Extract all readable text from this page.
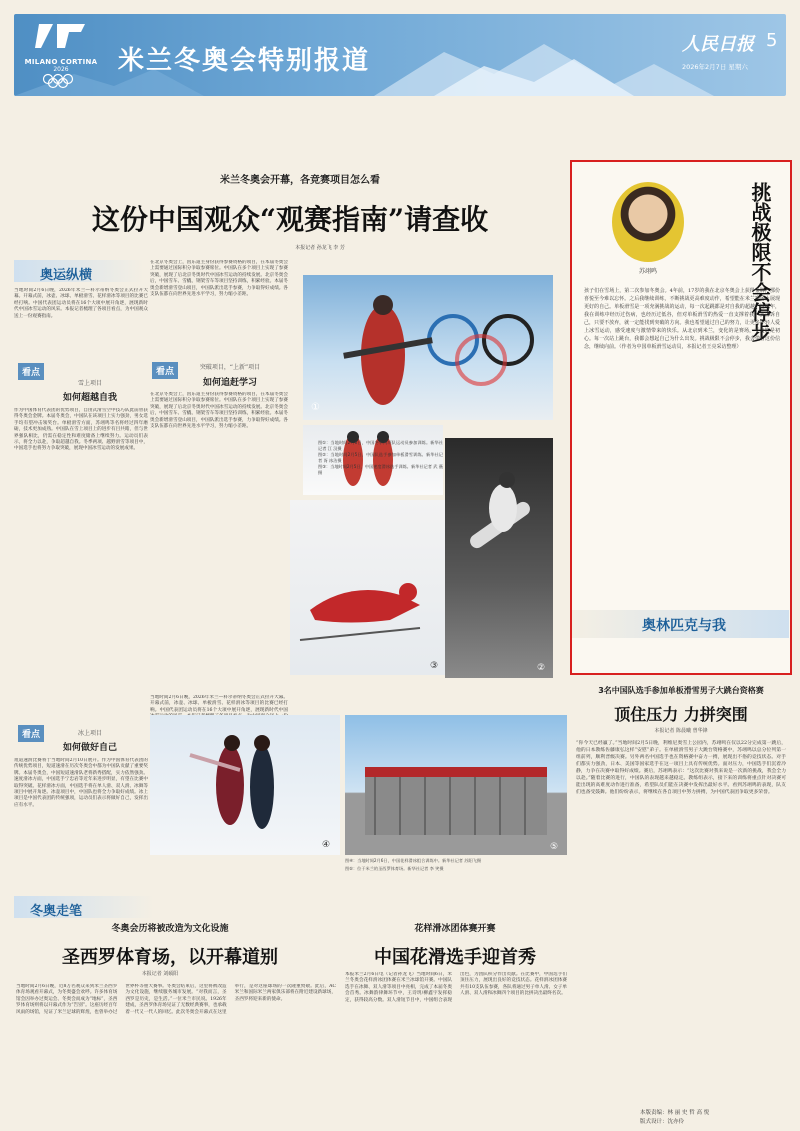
MILANO CORTINA
2026	米兰冬奥会特别报道
人民日报 5
2026年2月7日 星期六
米兰冬奥会开幕，各竞赛项目怎么看
这份中国观众“观赛指南”请查收
本报记者 孙龙飞 李 芳
奥运纵横
当地时间2月6日晚，2026年米兰—科尔蒂纳冬奥会正式拉开大幕。开幕式前，冰壶、冰球、单板滑雪、花样滑冰等项目的比赛已经打响。中国代表团运动员将在16个大项中展开角逐，展现新时代中国冰雪运动的风采。本报记者梳理了各项目看点，为中国观众送上一份观赛指南。
看点
雪上项目
如何超越自我
作为中国体育代表团的优势项目，自由式滑雪空中技巧队此前曾获得冬奥会金牌。本届冬奥会，中国队在该项目上实力强劲，男女选手均有望冲击领奖台。单板滑雪方面，苏翊鸣等名将经过四年磨砺，技术更加成熟。中国队在雪上项目上的进步有目共睹，但与世界强队相比，仍需在稳定性和难度储备上继续努力。运动员们表示，将全力以赴，争取超越自我。冬季两项、越野滑雪等项目中，中国选手也将努力争取突破，展现中国冰雪运动的发展成果。
在北京冬奥会上，因东道主身份获得参赛资格的项目，在本届冬奥会上需要通过国际积分争取参赛席位。中国队在多个项目上实现了参赛突破，展现了后北京冬奥时代中国冰雪运动的持续发展。北京冬奥会后，中国雪车、雪橇、钢架雪车等项目坚持训练，积累经验。本届冬奥会新增滑雪登山项目，中国队派出选手参赛，力争取得好成绩。各支队伍都在向世界先进水平学习，努力缩小差距。
看点	突破项目，“上新”项目
如何追赶学习
在北京冬奥会上，因东道主身份获得参赛资格的项目，在本届冬奥会上需要通过国际积分争取参赛席位。中国队在多个项目上实现了参赛突破，展现了后北京冬奥时代中国冰雪运动的持续发展。北京冬奥会后，中国雪车、雪橇、钢架雪车等项目坚持训练，积累经验。本届冬奥会新增滑雪登山项目，中国队派出选手参赛，力争取得好成绩。各支队伍都在向世界先进水平学习，努力缩小差距。
①
②
③
当地时间2月6日晚，2026年米兰—科尔蒂纳冬奥会正式拉开大幕。开幕式前，冰壶、冰球、单板滑雪、花样滑冰等项目的比赛已经打响。中国代表团运动员将在16个大项中展开角逐，展现新时代中国
图①：当地时间2月6日，中国冬季两项队运动员参加训练。新华社记者 江 汉摄
图②：当地时间2月5日，中国队选手参加单板滑雪训练。新华社记者 胥 冰洁摄
图③：当地时间2月5日，中国速度滑冰选手训练。新华社记者 武 薇摄
看点	冰上项目
如何做好自己
短道速滑比赛将于当地时间2月10日展开。作为中国体育代表团的传统优势项目，短道速滑在历次冬奥会中都为中国队贡献了重要奖牌。本届冬奥会，中国短道速滑队老将新秀搭配，实力依然强劲。速度滑冰方面，中国选手宁忠岩等近年来进步明显，有望在比赛中取得突破。花样滑冰方面，中国选手将在单人滑、双人滑、冰舞等项目中展开角逐。冰壶项目中，中国队也将全力争取好成绩。冰上项目是中国代表团的传统强项，运动员们表示将做好自己，发挥出应有水平。
④	⑤
图④：当地时间2月6日，中国花样滑冰组合训练中。新华社记者 苏阳飞摄
图⑤：位于米兰的圣西罗体育场。新华社记者 李 笑摄
苏翊鸣	挑战极限不会停步
孩子们在雪场上，第二次参加冬奥会。4年前，17岁的我在北京冬奥会上获得金牌，那份喜悦至今难以忘怀。之后我继续训练，不断挑战更高难度动作，希望能在米兰赛场上展现更好的自己。单板滑雪是一项充满挑战的运动，每一次起跳都是对自我的超越。这些年，我在训练中经历过伤病，也经历过低谷，但对单板滑雪的热爱一直支撑着我。我告诉自己，只要不放弃，就一定能找到突破的方向。我也希望通过自己的努力，让更多年轻人爱上冰雪运动，感受速度与激情带来的快乐。从北京到米兰，变化的是赛场，不变的是初心。每一次站上跳台，我都会想起自己为什么出发。挑战极限不会停步，我会带着这份信念，继续向前。（作者为中国单板滑雪运动员，本报记者王亮采访整理）
奥林匹克与我
3名中国队选手参加单板滑雪男子大跳台资格赛
顶住压力 力拼突围
本报记者 陈晨曦 曾华锋
“你今天已经赢了。”当地时间2月5日晚，利维尼奥雪上公园内，苏翊鸣在仅以22分完成第一跳后，他的日本教练佐藤康弘这样“安慰”弟子。在单板滑雪男子大跳台资格赛中，苏翊鸣以总分位列第一组前列，顺利晋级决赛。另外两名中国选手也在资格赛中奋力一搏，展现出不俗的竞技状态。对手们都实力强劲，日本、美国等国家选手在这一项目上具有传统优势。面对压力，中国选手们沉着冷静，力争在决赛中取得好成绩。赛后，苏翊鸣表示：“这次比赛对我来说是一次新的挑战，我会全力以赴。”随着比赛的进行，中国队的表现越来越稳定。教练组表示，接下来的训练将重点针对决赛可能出现的高难度动作进行准备，希望队员们能在决赛中发挥出最好水平。看到苏翊鸣的表现，队友们也备受鼓舞。他们纷纷表示，将继续在各自项目中努力拼搏，为中国代表团争取更多荣誉。
冬奥走笔
冬奥会历将被改造为文化设施
圣西罗体育场，以开幕道别
本报记者 刘硕阳
当地时间2月6日晚，近8万名观众来到米兰圣西罗体育场观看开幕式，为冬奥盛会欢呼。许多体育场馆会因举办过奥运会、冬奥会而成为“地标”，圣西罗体育场则将以开幕式作为“告别”。这座历经百年风雨的场馆，见证了米兰足球的辉煌，也曾举办过世界杯等重大赛事。冬奥会结束后，这里将被改造为文化设施，继续服务城市发展。“对我而言，圣西罗是历史，是生活。”一位米兰市民说。1926年建成，圣西罗体育场见证了无数经典赛事，也承载着一代又一代人的回忆。此次冬奥会开幕式在这里举行，是对这座球场的一次隆重致敬。此后，AC米兰和国际米兰两家俱乐部将在附近建设新球场，圣西罗将迎来新的使命。
花样滑冰团体赛开赛
中国花滑选手迎首秀
本报米兰2月6日电（记者孙龙飞）当地时间6日，米兰冬奥会花样滑冰团体赛在米兰冰球馆开赛。中国队选手在冰舞、双人滑等项目中亮相，完成了本届冬奥会首秀。冰舞韵律舞环节中，王诗玥/柳鑫宇发挥稳定，获得较高分数。双人滑短节目中，中国组合表现出色，为团队积分作出贡献。在比赛中，中国选手们顶住压力，展现出良好的竞技状态。花样滑冰团体赛共有10支队伍参赛，各队将通过男子单人滑、女子单人滑、双人滑和冰舞四个项目的比拼决出最终名次。
本版责编：林 丽 史 哲 高 悦
版式设计：沈亦伶
